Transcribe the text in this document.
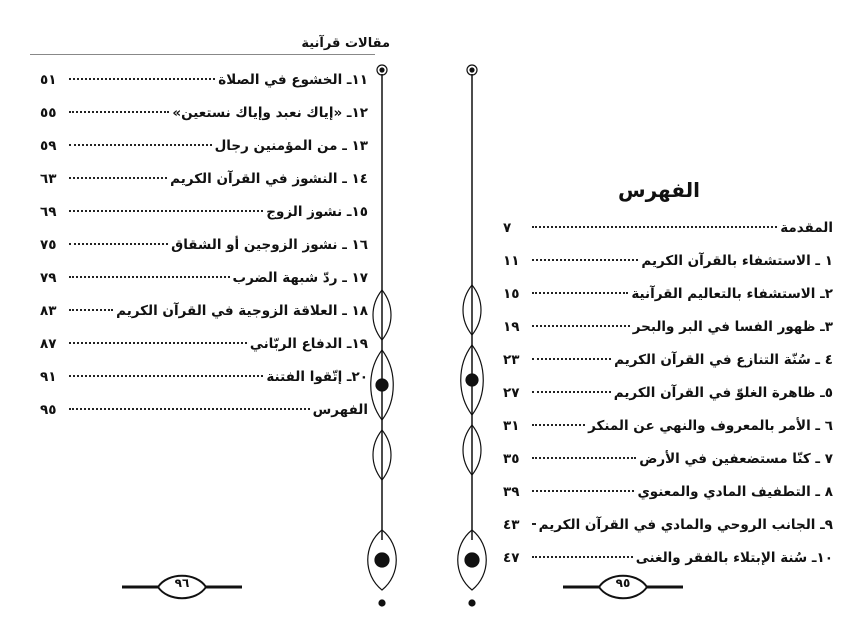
مقالات قرآنية
١١ـ الخشوع في الصلاة
٥١
١٢ـ «إياك نعبد وإياك نستعين»
٥٥
١٣ ـ من المؤمنين رجال
٥٩
١٤ ـ النشوز في القرآن الكريم
٦٣
١٥ـ نشوز الزوج
٦٩
١٦ ـ نشوز الزوجين أو الشقاق
٧٥
١٧ ـ ردّ شبهة الضرب
٧٩
١٨ ـ العلاقة الزوجية في القرآن الكريم
٨٣
١٩ـ الدفاع الربّاني
٨٧
٢٠ـ إتّقوا الفتنة
٩١
الفهرس
٩٥
٩٦
الفهرس
المقدمة
٧
١ ـ الاستشفاء بالقرآن الكريم
١١
٢ـ الاستشفاء بالتعاليم القرآنية
١٥
٣ـ ظهور الفسا في البر والبحر
١٩
٤ ـ سُنّة التنازع في القرآن الكريم
٢٣
٥ـ ظاهرة الغلوّ في القرآن الكريم
٢٧
٦ ـ الأمر بالمعروف والنهي عن المنكر
٣١
٧ ـ كنّا مستضعفين في الأرض
٣٥
٨ ـ التطفيف المادي والمعنوي
٣٩
٩ـ الجانب الروحي والمادي في القرآن الكريم
٤٣
١٠ـ سُنة الإبتلاء بالفقر والغنى
٤٧
٩٥
